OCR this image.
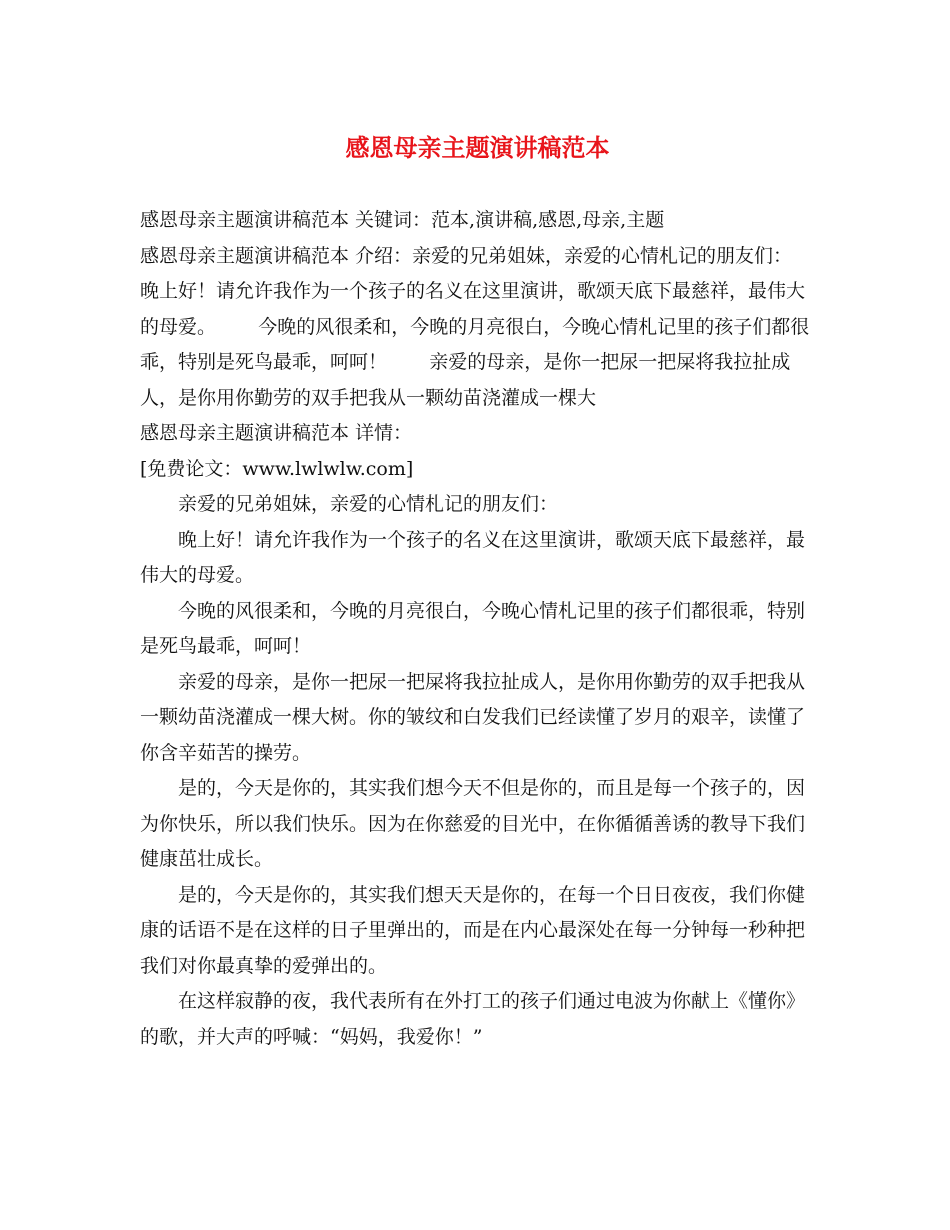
感恩母亲主题演讲稿范本

感恩母亲主题演讲稿范本 关键词：范本,演讲稿,感恩,母亲,主题

感恩母亲主题演讲稿范本 介绍：亲爱的兄弟姐妹，亲爱的心情札记的朋友们：         晚上好！请允许我作为一个孩子的名义在这里演讲，歌颂天底下最慈祥，最伟大的母爱。       今晚的风很柔和，今晚的月亮很白，今晚心情札记里的孩子们都很乖，特别是死鸟最乖，呵呵！       亲爱的母亲，是你一把尿一把屎将我拉扯成人，是你用你勤劳的双手把我从一颗幼苗浇灌成一棵大

感恩母亲主题演讲稿范本 详情：

[免费论文：www.lwlwlw.com]

亲爱的兄弟姐妹，亲爱的心情札记的朋友们：

晚上好！请允许我作为一个孩子的名义在这里演讲，歌颂天底下最慈祥，最伟大的母爱。

今晚的风很柔和，今晚的月亮很白，今晚心情札记里的孩子们都很乖，特别是死鸟最乖，呵呵！

亲爱的母亲，是你一把尿一把屎将我拉扯成人，是你用你勤劳的双手把我从一颗幼苗浇灌成一棵大树。你的皱纹和白发我们已经读懂了岁月的艰辛，读懂了你含辛茹苦的操劳。

是的，今天是你的，其实我们想今天不但是你的，而且是每一个孩子的，因为你快乐，所以我们快乐。因为在你慈爱的目光中，在你循循善诱的教导下我们健康茁壮成长。

是的，今天是你的，其实我们想天天是你的，在每一个日日夜夜，我们你健康的话语不是在这样的日子里弹出的，而是在内心最深处在每一分钟每一秒种把我们对你最真挚的爱弹出的。

在这样寂静的夜，我代表所有在外打工的孩子们通过电波为你献上《懂你》的歌，并大声的呼喊：“妈妈，我爱你！”
